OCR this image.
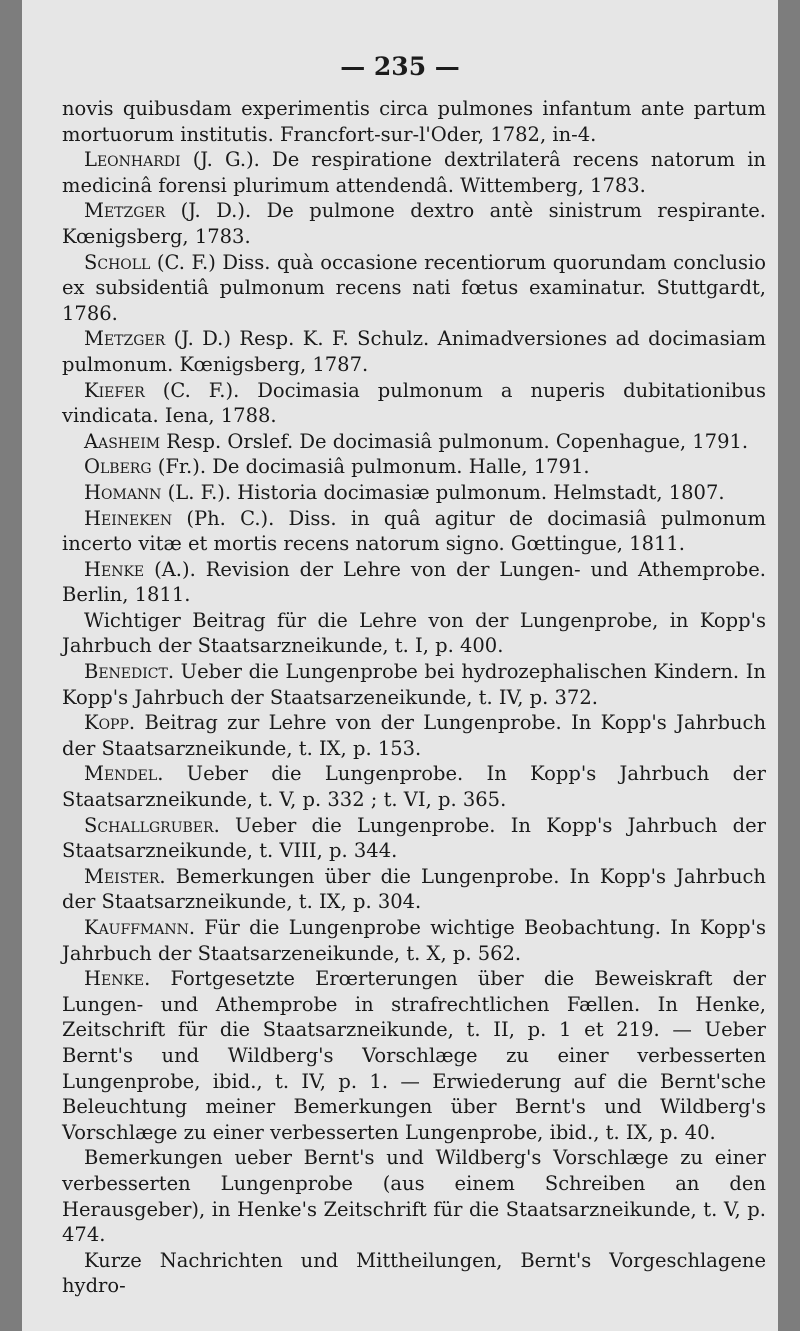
— 235 —

novis quibusdam experimentis circa pulmones infantum ante partum mortuorum institutis. Francfort-sur-l'Oder, 1782, in-4.

Leonhardi (J. G.). De respiratione dextrilaterâ recens natorum in medicinâ forensi plurimum attendendâ. Wittemberg, 1783.

Metzger (J. D.). De pulmone dextro antè sinistrum respirante. Kœnigsberg, 1783.

Scholl (C. F.) Diss. quà occasione recentiorum quorundam conclusio ex subsidentiâ pulmonum recens nati fœtus examinatur. Stuttgardt, 1786.

Metzger (J. D.) Resp. K. F. Schulz. Animadversiones ad docimasiam pulmonum. Kœnigsberg, 1787.

Kiefer (C. F.). Docimasia pulmonum a nuperis dubitationibus vindicata. Iena, 1788.

Aasheim Resp. Orslef. De docimasiâ pulmonum. Copenhague, 1791.

Olberg (Fr.). De docimasiâ pulmonum. Halle, 1791.

Homann (L. F.). Historia docimasiæ pulmonum. Helmstadt, 1807.

Heineken (Ph. C.). Diss. in quâ agitur de docimasiâ pulmonum incerto vitæ et mortis recens natorum signo. Gœttingue, 1811.

Henke (A.). Revision der Lehre von der Lungen- und Athemprobe. Berlin, 1811.

Wichtiger Beitrag für die Lehre von der Lungenprobe, in Kopp's Jahrbuch der Staatsarzneikunde, t. I, p. 400.

Benedict. Ueber die Lungenprobe bei hydrozephalischen Kindern. In Kopp's Jahrbuch der Staatsarzeneikunde, t. IV, p. 372.

Kopp. Beitrag zur Lehre von der Lungenprobe. In Kopp's Jahrbuch der Staatsarzneikunde, t. IX, p. 153.

Mendel. Ueber die Lungenprobe. In Kopp's Jahrbuch der Staatsarzneikunde, t. V, p. 332 ; t. VI, p. 365.

Schallgruber. Ueber die Lungenprobe. In Kopp's Jahrbuch der Staatsarzneikunde, t. VIII, p. 344.

Meister. Bemerkungen über die Lungenprobe. In Kopp's Jahrbuch der Staatsarzneikunde, t. IX, p. 304.

Kauffmann. Für die Lungenprobe wichtige Beobachtung. In Kopp's Jahrbuch der Staatsarzeneikunde, t. X, p. 562.

Henke. Fortgesetzte Erœrterungen über die Beweiskraft der Lungen- und Athemprobe in strafrechtlichen Fællen. In Henke, Zeitschrift für die Staatsarzneikunde, t. II, p. 1 et 219. — Ueber Bernt's und Wildberg's Vorschlæge zu einer verbesserten Lungenprobe, ibid., t. IV, p. 1. — Erwiederung auf die Bernt'sche Beleuchtung meiner Bemerkungen über Bernt's und Wildberg's Vorschlæge zu einer verbesserten Lungenprobe, ibid., t. IX, p. 40.

Bemerkungen ueber Bernt's und Wildberg's Vorschlæge zu einer verbesserten Lungenprobe (aus einem Schreiben an den Herausgeber), in Henke's Zeitschrift für die Staatsarzneikunde, t. V, p. 474.

Kurze Nachrichten und Mittheilungen, Bernt's Vorgeschlagene hydro-
